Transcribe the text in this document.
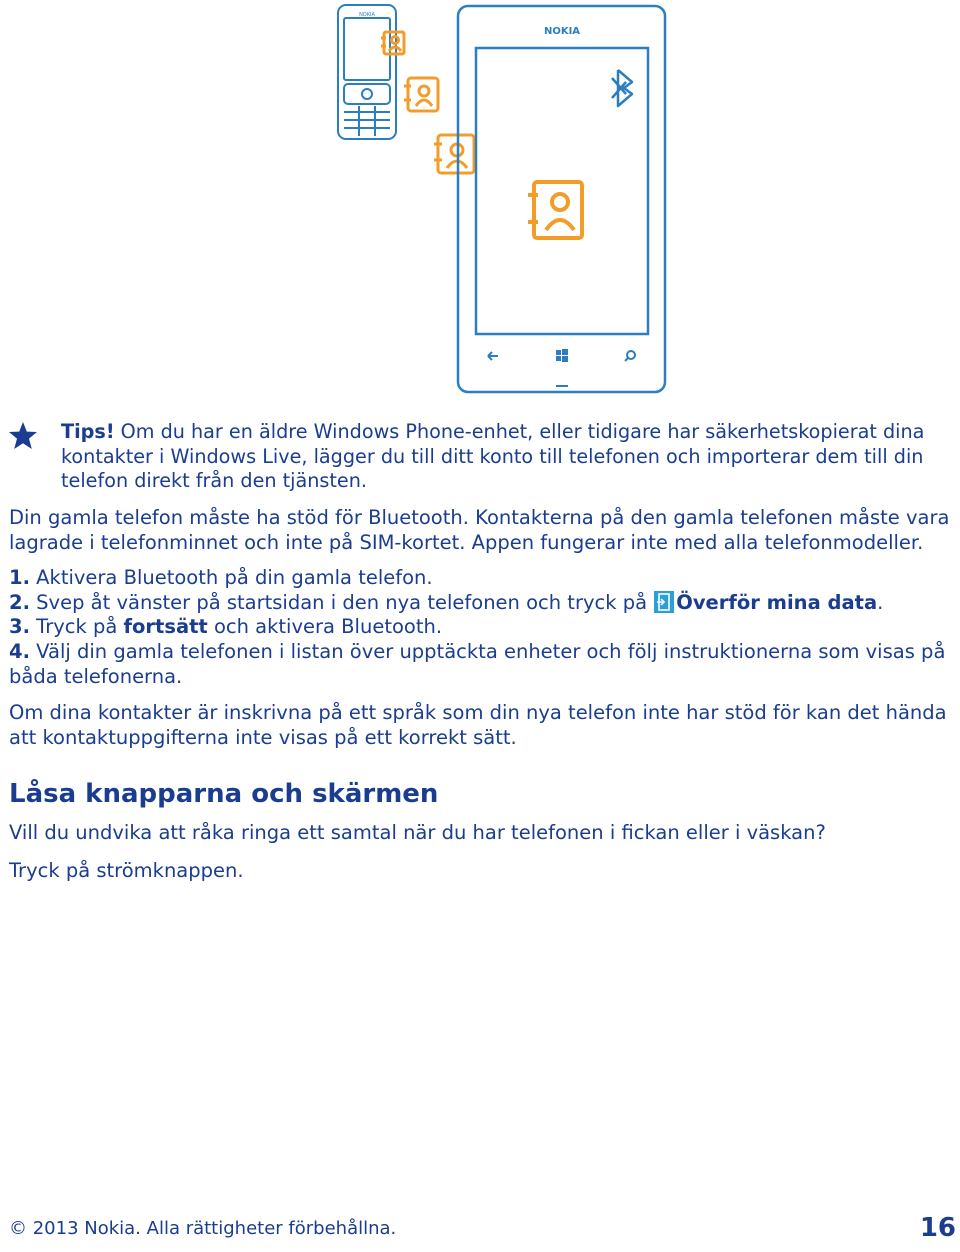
NOKIA
NOKIA

Tips! Om du har en äldre Windows Phone-enhet, eller tidigare har säkerhetskopierat dina kontakter i Windows Live, lägger du till ditt konto till telefonen och importerar dem till din telefon direkt från den tjänsten.

Din gamla telefon måste ha stöd för Bluetooth. Kontakterna på den gamla telefonen måste vara lagrade i telefonminnet och inte på SIM-kortet. Appen fungerar inte med alla telefonmodeller.

1. Aktivera Bluetooth på din gamla telefon.

2. Svep åt vänster på startsidan i den nya telefonen och tryck på Överför mina data.

3. Tryck på fortsätt och aktivera Bluetooth.

4. Välj din gamla telefonen i listan över upptäckta enheter och följ instruktionerna som visas på båda telefonerna.

Om dina kontakter är inskrivna på ett språk som din nya telefon inte har stöd för kan det hända att kontaktuppgifterna inte visas på ett korrekt sätt.

Låsa knapparna och skärmen

Vill du undvika att råka ringa ett samtal när du har telefonen i fickan eller i väskan?

Tryck på strömknappen.

© 2013 Nokia. Alla rättigheter förbehållna.	16
